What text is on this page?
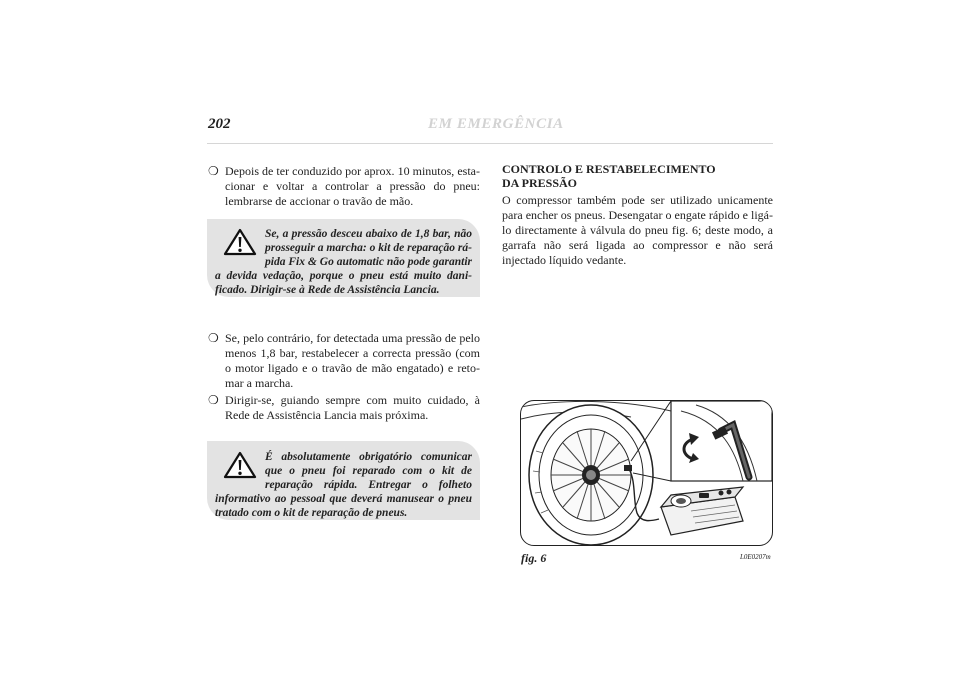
202	EM EMERGÊNCIA
❍ Depois de ter conduzido por aprox. 10 minutos, estacionar e voltar a controlar a pressão do pneu: lembrarse de accionar o travão de mão.
Se, a pressão desceu abaixo de 1,8 bar, não prosseguir a marcha: o kit de reparação rápida Fix & Go automatic não pode garantir a devida vedação, porque o pneu está muito danificado. Dirigir-se à Rede de Assistência Lancia.
❍ Se, pelo contrário, for detectada uma pressão de pelo menos 1,8 bar, restabelecer a correcta pressão (com o motor ligado e o travão de mão engatado) e retomar a marcha.
❍ Dirigir-se, guiando sempre com muito cuidado, à Rede de Assistência Lancia mais próxima.
É absolutamente obrigatório comunicar que o pneu foi reparado com o kit de reparação rápida. Entregar o folheto informativo ao pessoal que deverá manusear o pneu tratado com o kit de reparação de pneus.
CONTROLO E RESTABELECIMENTO
DA PRESSÃO
O compressor também pode ser utilizado unicamente para encher os pneus. Desengatar o engate rápido e ligá-lo directamente à válvula do pneu fig. 6; deste modo, a garrafa não será ligada ao compressor e não será injectado líquido vedante.
fig. 6	L0E0207m
